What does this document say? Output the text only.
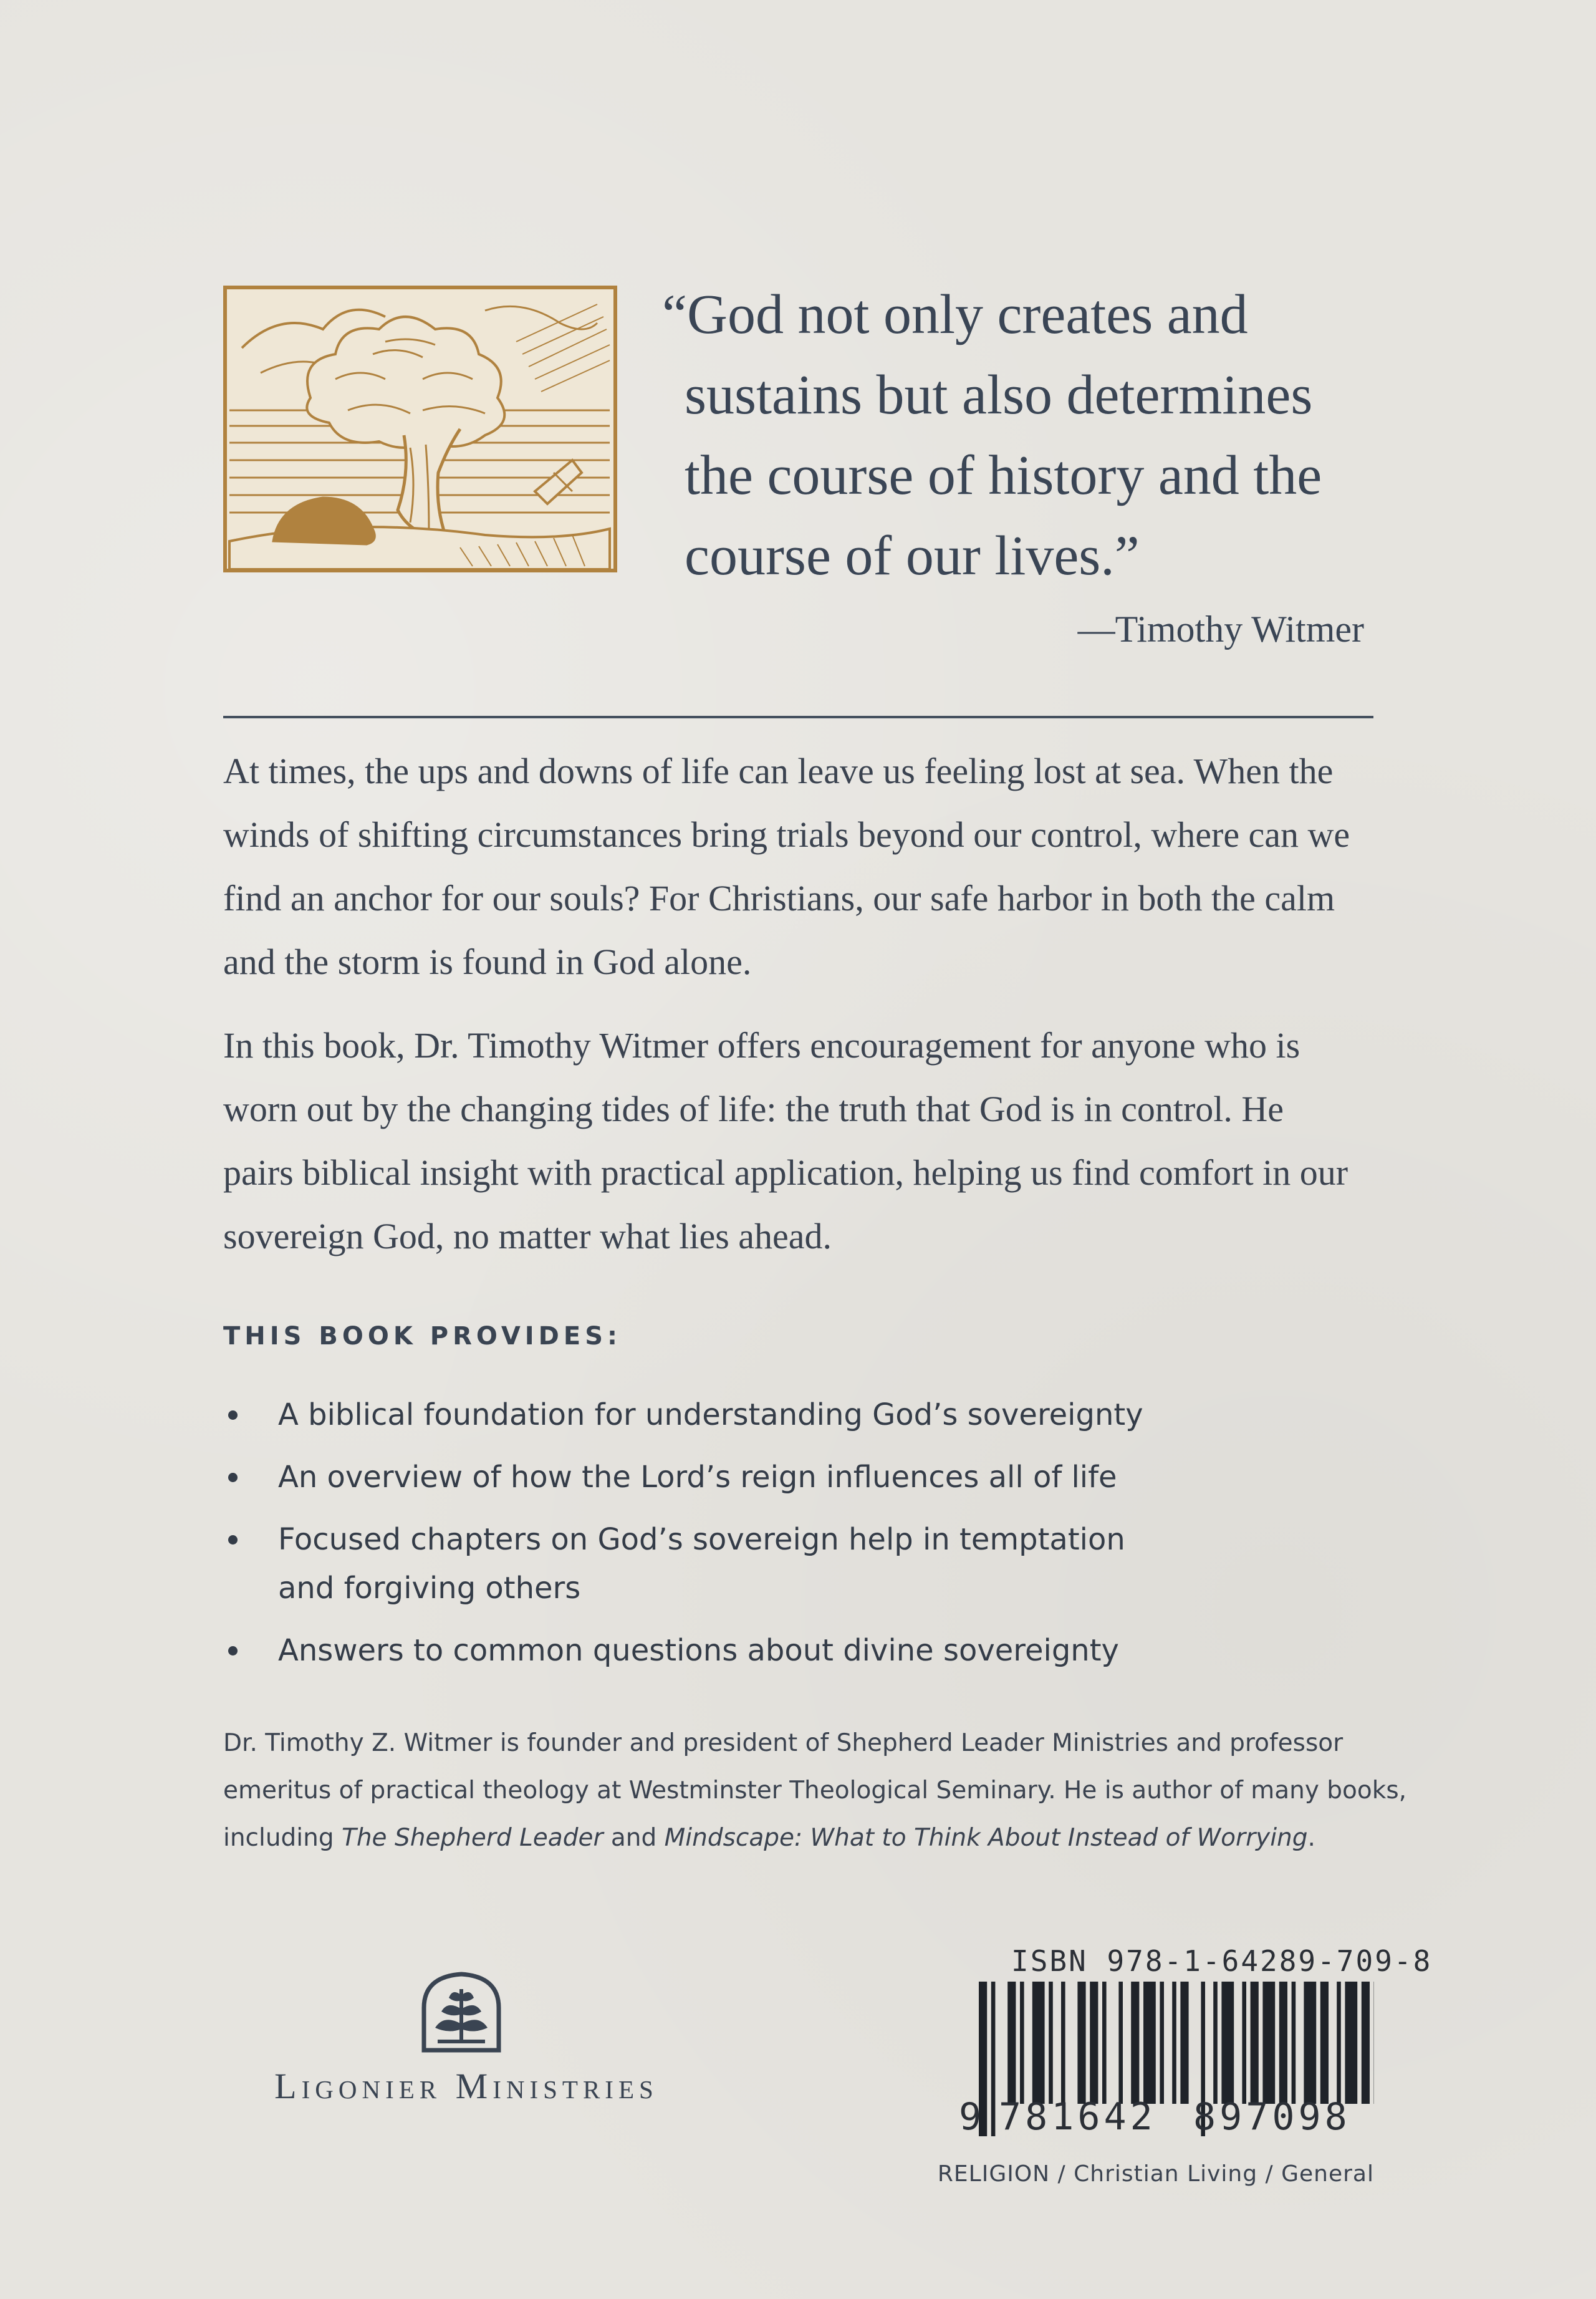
“God not only creates and
sustains but also determines
the course of history and the
course of our lives.”
—Timothy Witmer
At times, the ups and downs of life can leave us feeling lost at sea. When the
winds of shifting circumstances bring trials beyond our control, where can we
find an anchor for our souls? For Christians, our safe harbor in both the calm
and the storm is found in God alone.
In this book, Dr. Timothy Witmer offers encouragement for anyone who is
worn out by the changing tides of life: the truth that God is in control. He
pairs biblical insight with practical application, helping us find comfort in our
sovereign God, no matter what lies ahead.
THIS BOOK PROVIDES:
A biblical foundation for understanding God’s sovereignty
An overview of how the Lord’s reign influences all of life
Focused chapters on God’s sovereign help in temptation
and forgiving others
Answers to common questions about divine sovereignty
Dr. Timothy Z. Witmer is founder and president of Shepherd Leader Ministries and professor
emeritus of practical theology at Westminster Theological Seminary. He is author of many books,
including The Shepherd Leader and Mindscape: What to Think About Instead of Worrying.
Ligonier Ministries
ISBN 978-1-64289-709-8
9 781642 897098
RELIGION / Christian Living / General
